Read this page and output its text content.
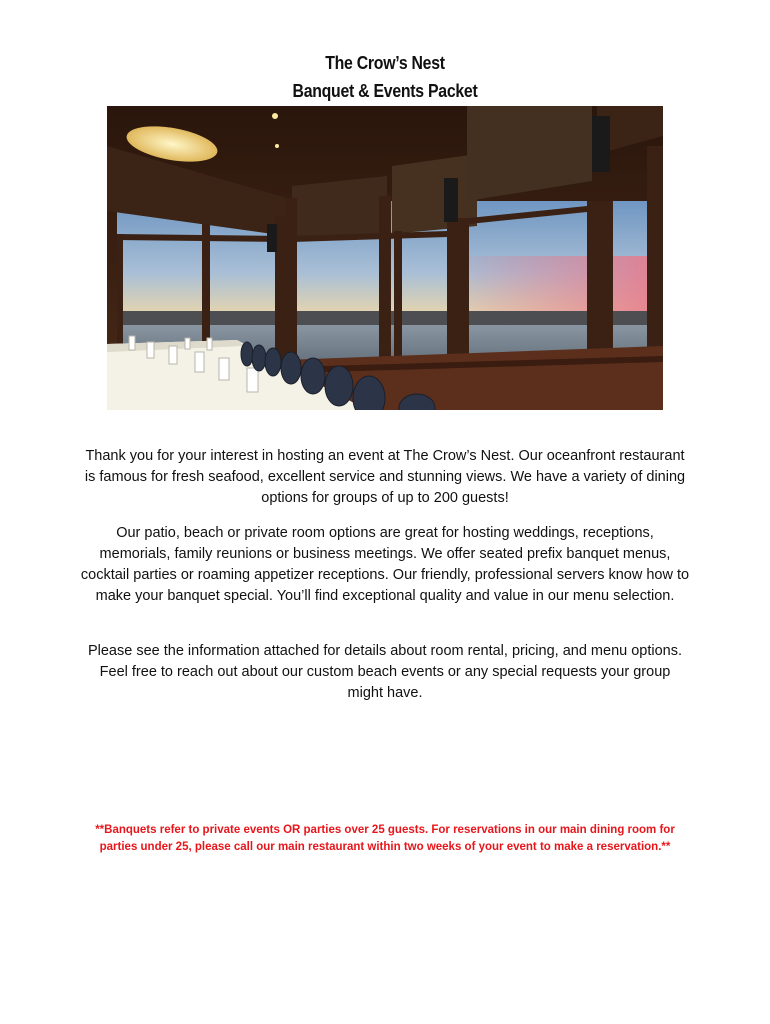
The Crow’s Nest
Banquet & Events Packet

Thank you for your interest in hosting an event at The Crow’s Nest. Our oceanfront restaurant is famous for fresh seafood, excellent service and stunning views. We have a variety of dining options for groups of up to 200 guests!

Our patio, beach or private room options are great for hosting weddings, receptions, memorials, family reunions or business meetings. We offer seated prefix banquet menus, cocktail parties or roaming appetizer receptions. Our friendly, professional servers know how to make your banquet special. You’ll find exceptional quality and value in our menu selection.

Please see the information attached for details about room rental, pricing, and menu options. Feel free to reach out about our custom beach events or any special requests your group might have.

**Banquets refer to private events OR parties over 25 guests. For reservations in our main dining room for parties under 25, please call our main restaurant within two weeks of your event to make a reservation.**
